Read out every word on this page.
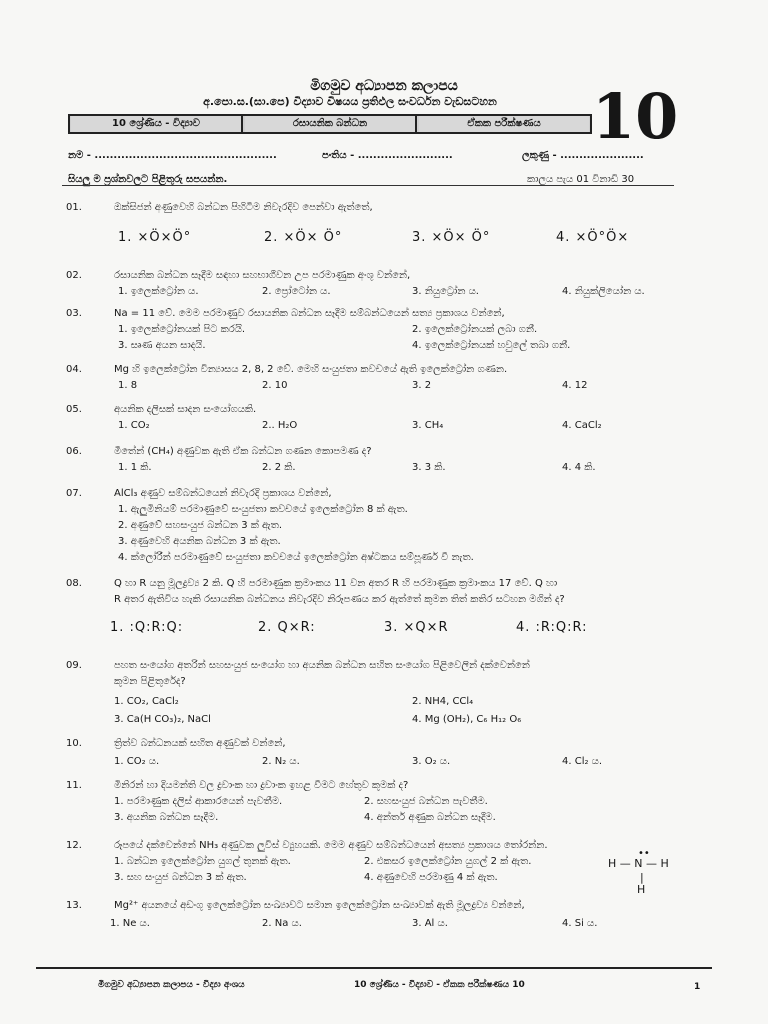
මිගමුව අධ්‍යාපන කලාපය
අ.පො.ස.(සා.පෙ) විද්‍යාව විෂයය ප්‍රතිඵල සංවර්ධන වැඩසටහන	10
10 ශ්‍රේණිය - විද්‍යාව	රසායනික බන්ධන	ඒකක පරීක්ෂණය
නම - ................................................	පංතිය - .........................	ලකුණු - ......................
සියලු ම ප්‍රශ්නවලට පිළිතුරු සපයන්න.	කාලය පැය 01 විනාඩි 30
01.	ඔක්සිජන් අණුවෙහි බන්ධන පිහිටීම නිවැරදිව පෙන්වා ඇත්තේ,
1. ×Ö×Ö°	2. ×Ö× Ö°	3. ×Ö× Ö°	4. ×Ö°Ö×
02.	රසායනික බන්ධන සෑදීම සඳහා සහභාගීවන උප පරමාණුක අංශු වන්නේ,
1. ඉලෙක්ට්‍රෝන ය.	2. ප්‍රෝටෝන ය.	3. නියුට්‍රෝන ය.	4. නියුක්ලියෝන ය.
03.	Na = 11 වේ. මෙම පරමාණුව රසායනික බන්ධන සෑදීම සම්බන්ධයෙන් සත්‍ය ප්‍රකාශය වන්නේ,
1. ඉලෙක්ට්‍රෝනයක් පිට කරයි.	2. ඉලෙක්ට්‍රෝනයක් ලබා ගනී.
3. සෘණ අයන සාදයි.	4. ඉලෙක්ට්‍රෝනයක් හවුලේ තබා ගනී.
04.	Mg හි ඉලෙක්ට්‍රෝන වින්‍යාසය 2, 8, 2 වේ. මෙහි සංයුජතා කවචයේ ඇති ඉලෙක්ට්‍රෝන ගණන.
1. 8	2. 10	3. 2	4. 12
05.	අයනික දලිසක් සාදන සංයෝගයකි.
1. CO₂	2.. H₂O	3. CH₄	4. CaCl₂
06.	මීතේන් (CH₄) අණුවක ඇති ඒක බන්ධන ගණන කොපමණ ද?
1. 1 කි.	2. 2 කි.	3. 3 කි.	4. 4 කි.
07.	AlCl₃ අණුව සම්බන්ධයෙන් නිවැරදි ප්‍රකාශය වන්නේ,
1. ඇලුමිනියම් පරමාණුවේ සංයුජතා කවචයේ ඉලෙක්ට්‍රෝන 8 ක් ඇත.
2. අණුවේ සහසංයුජ බන්ධන 3 ක් ඇත.
3. අණුවෙහි අයනික බන්ධන 3 ක් ඇත.
4. ක්ලෝරීන් පරමාණුවේ සංයුජතා කවචයේ ඉලෙක්ට්‍රෝන අෂ්ටකය සම්පූර්ණ වී නැත.
08.	Q හා R යනු මූලද්‍රව්‍ය 2 කි. Q හි පරමාණුක ක්‍රමාංකය 11 වන අතර R හි පරමාණුක ක්‍රමාංකය 17 වේ. Q හා
R අතර ඇතිවිය හැකි රසායනික බන්ධනය නිවැරදිව නිරූපණය කර ඇත්තේ කුමන තිත් කතිර සටහන මගින් ද?
1. :Q:R:Q:	2. Q×R:	3. ×Q×R	4. :R:Q:R:
09.	පහත සංයෝග අතරින් සහසංයුජ සංයෝග හා අයනික බන්ධන සහිත සංයෝග පිළිවෙලින් දක්වෙන්නේ
කුමන පිළිතුරේද?
1. CO₂, CaCl₂	2. NH4, CCl₄
3. Ca(H CO₃)₂, NaCl	4. Mg (OH₂), C₆ H₁₂ O₆
10.	ත්‍රිත්ව බන්ධනයක් සහිත අණුවක් වන්නේ,
1. CO₂ ය.	2. N₂ ය.	3. O₂ ය.	4. Cl₂ ය.
11.	මිනිරන් හා දියමන්ති වල ද්‍රවාංක හා ද්‍රවාංක ඉහළ වීමට හේතුව කුමක් ද?
1. පරමාණුක දලිස් ආකාරයෙන් පැවතීම.	2. සහසංයුජ බන්ධන පැවතීම.
3. අයනික බන්ධන සෑදීම.	4. අන්තර් අණුක බන්ධන සෑදීම.
12.	රූපයේ දක්වෙන්නේ NH₃ අණුවක ලුවිස් ව්‍යුහයකි. මෙම අණුව සම්බන්ධයෙන් අසත්‍ය ප්‍රකාශය තෝරන්න.
1. බන්ධන ඉලෙක්ට්‍රෝන යුගල් තුනක් ඇත.	2. එකසර ඉලෙක්ට්‍රෝන යුගල් 2 ක් ඇත.
3. සහ සංයුජ බන්ධන 3 ක් ඇත.	4. අණුවෙහි පරමාණු 4 ක් ඇත.
••
H — N — H
|
H
13.	Mg²⁺ අයනයේ අඩංගු ඉලෙක්ට්‍රෝන සංඛ්‍යාවට සමාන ඉලෙක්ට්‍රෝන සංඛ්‍යාවක් ඇති මූලද්‍රව්‍ය වන්නේ,
1. Ne ය.	2. Na ය.	3. Al ය.	4. Si ය.
මිගමුව අධ්‍යාපන කලාපය - විද්‍යා අංශය	10 ශ්‍රේණිය - විද්‍යාව - ඒකක පරීක්ෂණය 10	1
